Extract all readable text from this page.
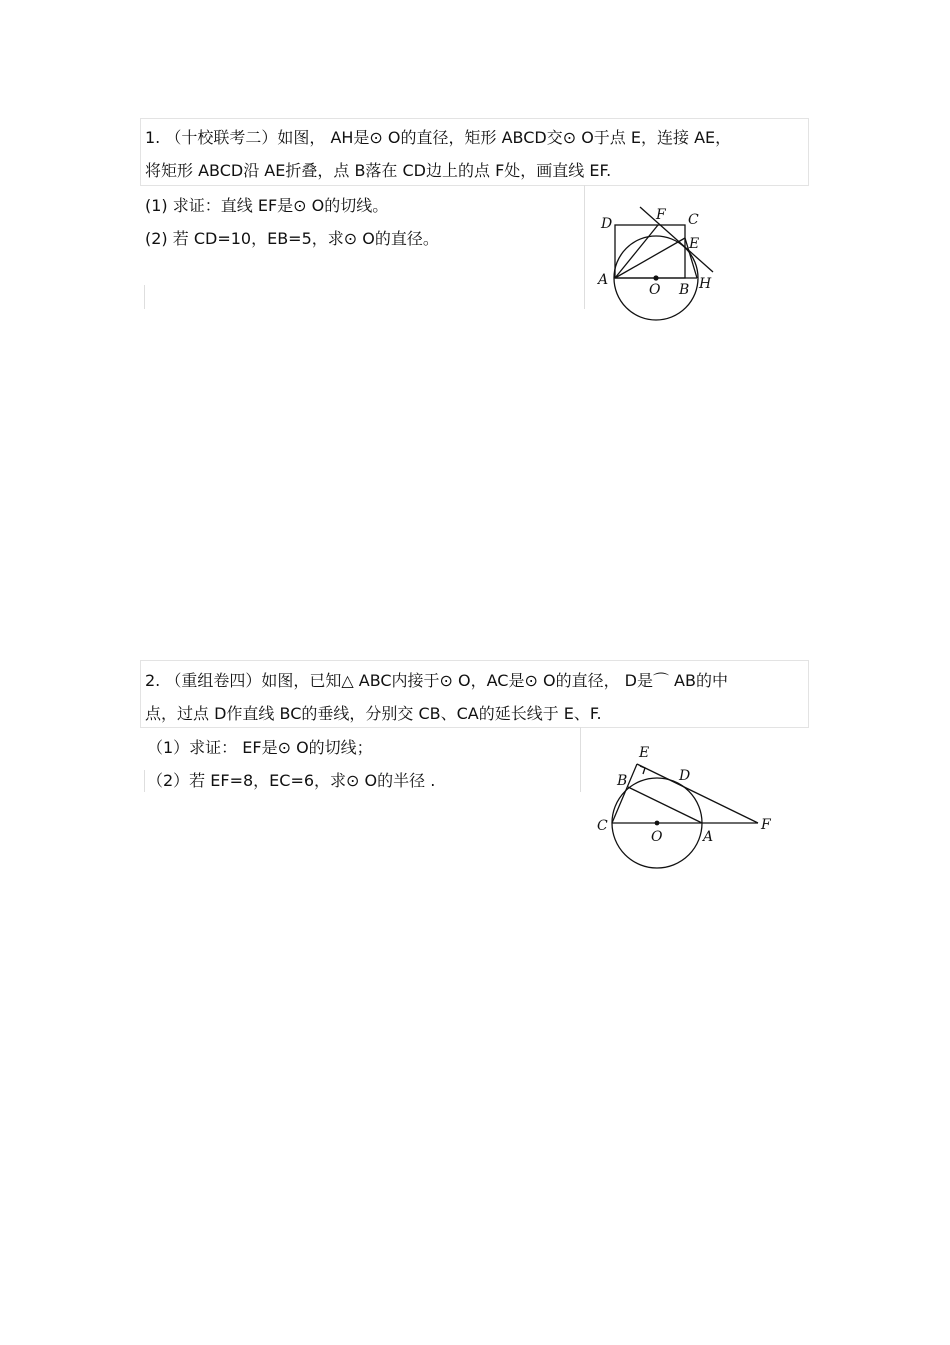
1. （十校联考二）如图， AH是⊙ O的直径，矩形 ABCD交⊙ O于点 E，连接 AE，
将矩形 ABCD沿 AE折叠，点 B落在 CD边上的点 F处，画直线 EF.
(1) 求证：直线 EF是⊙ O的切线。
(2) 若 CD=10，EB=5，求⊙ O的直径。
D
F C
E
A
O B H
2. （重组卷四）如图，已知△ ABC内接于⊙ O，AC是⊙ O的直径， D是⌒ AB的中
点，过点 D作直线 BC的垂线，分别交 CB、CA的延长线于 E、F.
（1）求证： EF是⊙ O的切线；
（2）若 EF=8，EC=6，求⊙ O的半径 .
E
B	D
C
O	A
F
